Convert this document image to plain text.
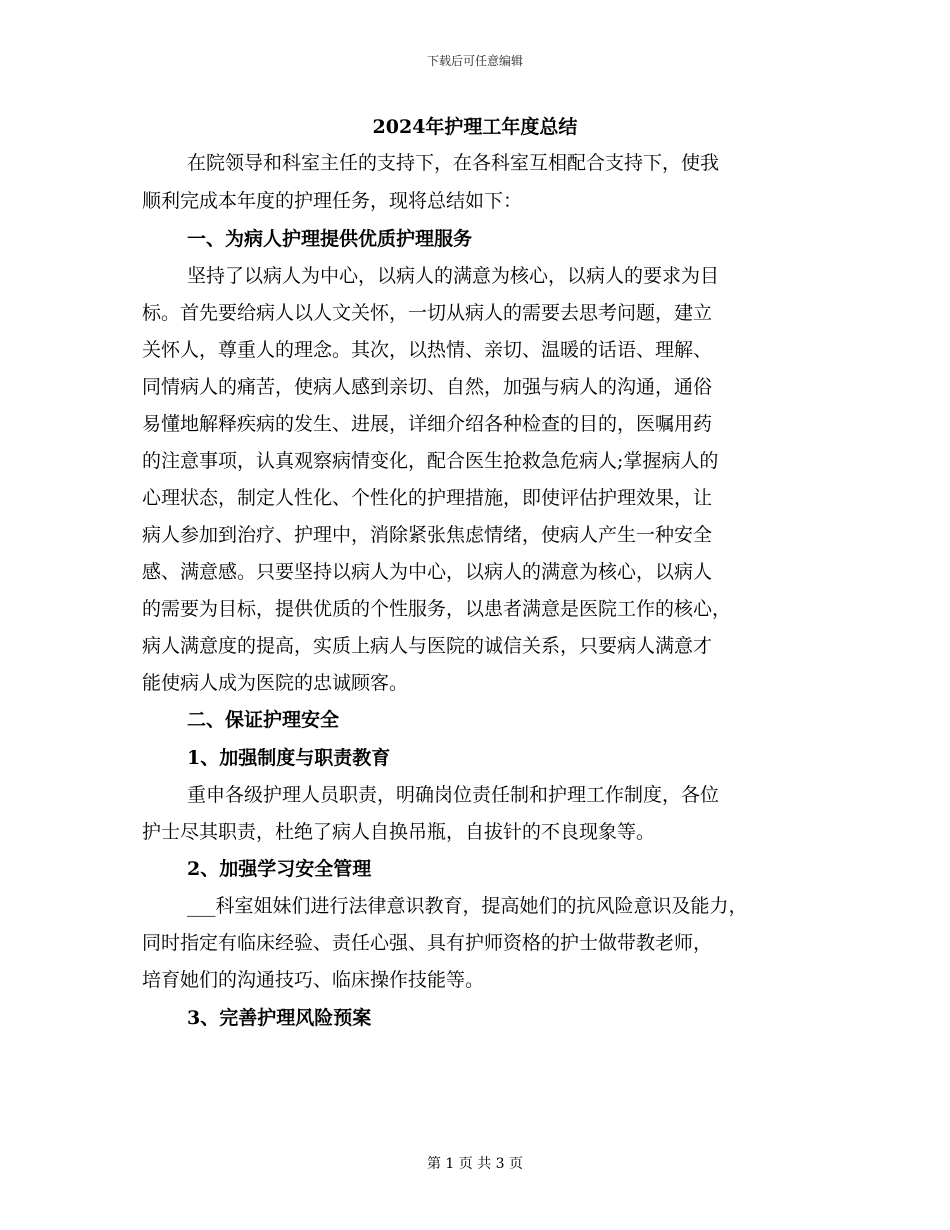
下载后可任意编辑
2024年护理工年度总结
在院领导和科室主任的支持下，在各科室互相配合支持下，使我
顺利完成本年度的护理任务，现将总结如下：
一、为病人护理提供优质护理服务
坚持了以病人为中心，以病人的满意为核心，以病人的要求为目
标。首先要给病人以人文关怀，一切从病人的需要去思考问题，建立
关怀人，尊重人的理念。其次，以热情、亲切、温暖的话语、理解、
同情病人的痛苦，使病人感到亲切、自然，加强与病人的沟通，通俗
易懂地解释疾病的发生、进展，详细介绍各种检查的目的，医嘱用药
的注意事项，认真观察病情变化，配合医生抢救急危病人;掌握病人的
心理状态，制定人性化、个性化的护理措施，即使评估护理效果，让
病人参加到治疗、护理中，消除紧张焦虑情绪，使病人产生一种安全
感、满意感。只要坚持以病人为中心，以病人的满意为核心，以病人
的需要为目标，提供优质的个性服务，以患者满意是医院工作的核心，
病人满意度的提高，实质上病人与医院的诚信关系，只要病人满意才
能使病人成为医院的忠诚顾客。
二、保证护理安全
1、加强制度与职责教育
重申各级护理人员职责，明确岗位责任制和护理工作制度，各位
护士尽其职责，杜绝了病人自换吊瓶，自拔针的不良现象等。
2、加强学习安全管理
___科室姐妹们进行法律意识教育，提高她们的抗风险意识及能力，
同时指定有临床经验、责任心强、具有护师资格的护士做带教老师，
培育她们的沟通技巧、临床操作技能等。
3、完善护理风险预案
第 1 页 共 3 页
